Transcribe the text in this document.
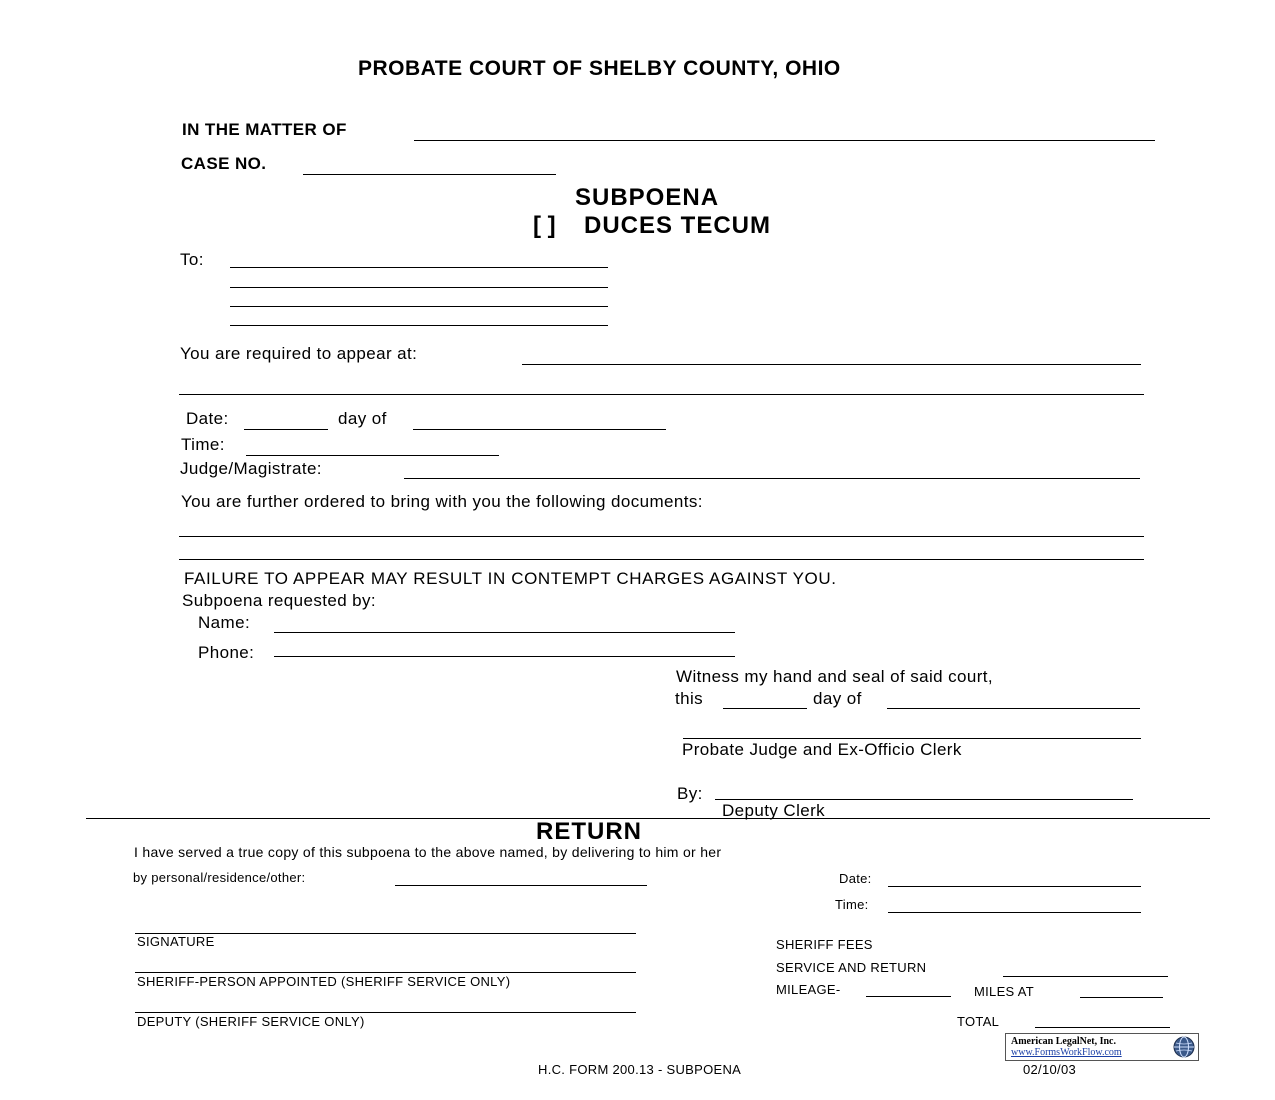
PROBATE COURT OF SHELBY COUNTY, OHIO
IN THE MATTER OF
CASE NO.
SUBPOENA
[ ] DUCES TECUM
To:
You are required to appear at:
Date:	day of
Time:
Judge/Magistrate:
You are further ordered to bring with you the following documents:
FAILURE TO APPEAR MAY RESULT IN CONTEMPT CHARGES AGAINST YOU.
Subpoena requested by:
Name:
Phone:
Witness my hand and seal of said court,
this	day of
Probate Judge and Ex-Officio Clerk
By:
Deputy Clerk
RETURN
I have served a true copy of this subpoena to the above named, by delivering to him or her
by personal/residence/other:	Date:
Time:
SIGNATURE
SHERIFF-PERSON APPOINTED (SHERIFF SERVICE ONLY)
DEPUTY (SHERIFF SERVICE ONLY)
SHERIFF FEES
SERVICE AND RETURN
MILEAGE-	MILES AT
TOTAL
American LegalNet, Inc.
www.FormsWorkFlow.com
H.C. FORM 200.13 - SUBPOENA	02/10/03
